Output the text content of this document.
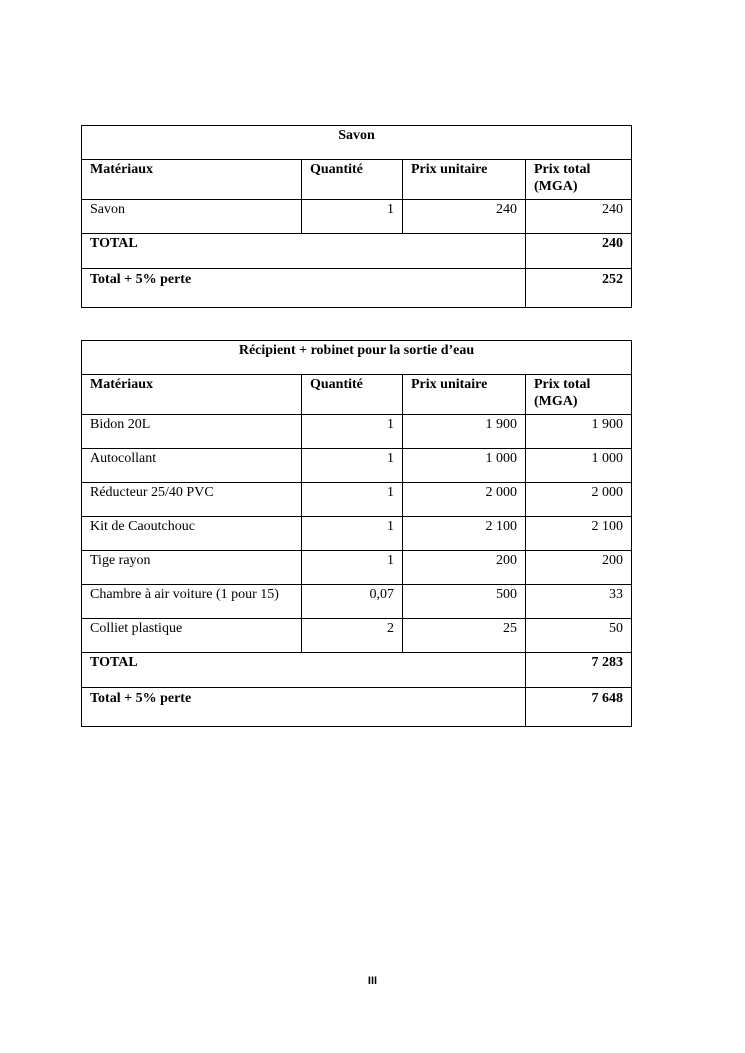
Savon			
Matériaux	Quantité	Prix unitaire	Prix total
(MGA)
Savon	1	240	240
TOTAL			240
Total + 5% perte			252
Récipient + robinet pour la sortie d’eau			
Matériaux	Quantité	Prix unitaire	Prix total
(MGA)
Bidon 20L	1	1 900	1 900
Autocollant	1	1 000	1 000
Réducteur 25/40 PVC	1	2 000	2 000
Kit de Caoutchouc	1	2 100	2 100
Tige rayon	1	200	200
Chambre à air voiture (1 pour 15)	0,07	500	33
Colliet plastique	2	25	50
TOTAL			7 283
Total + 5% perte			7 648
III
